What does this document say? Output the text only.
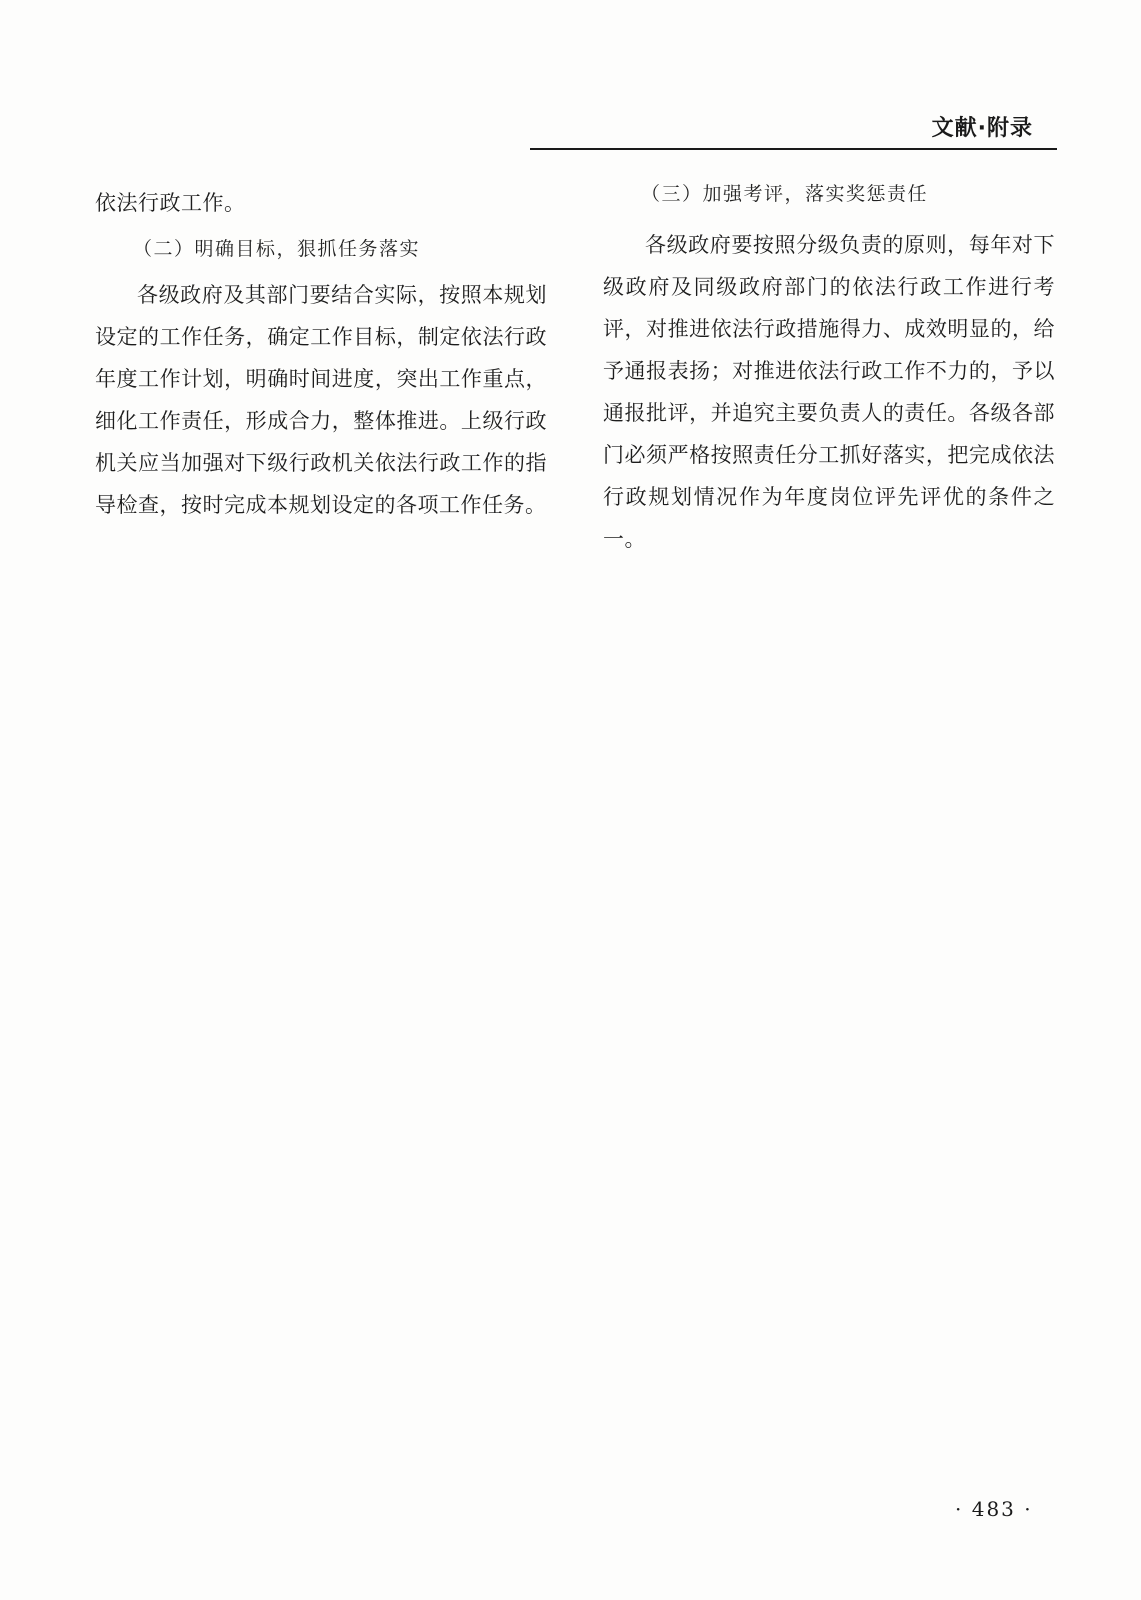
文献·附录

依法行政工作。

（二）明确目标，狠抓任务落实

各级政府及其部门要结合实际，按照本规划设定的工作任务，确定工作目标，制定依法行政年度工作计划，明确时间进度，突出工作重点，细化工作责任，形成合力，整体推进。上级行政机关应当加强对下级行政机关依法行政工作的指导检查，按时完成本规划设定的各项工作任务。

（三）加强考评，落实奖惩责任

各级政府要按照分级负责的原则，每年对下级政府及同级政府部门的依法行政工作进行考评，对推进依法行政措施得力、成效明显的，给予通报表扬；对推进依法行政工作不力的，予以通报批评，并追究主要负责人的责任。各级各部门必须严格按照责任分工抓好落实，把完成依法行政规划情况作为年度岗位评先评优的条件之一。

· 483 ·
